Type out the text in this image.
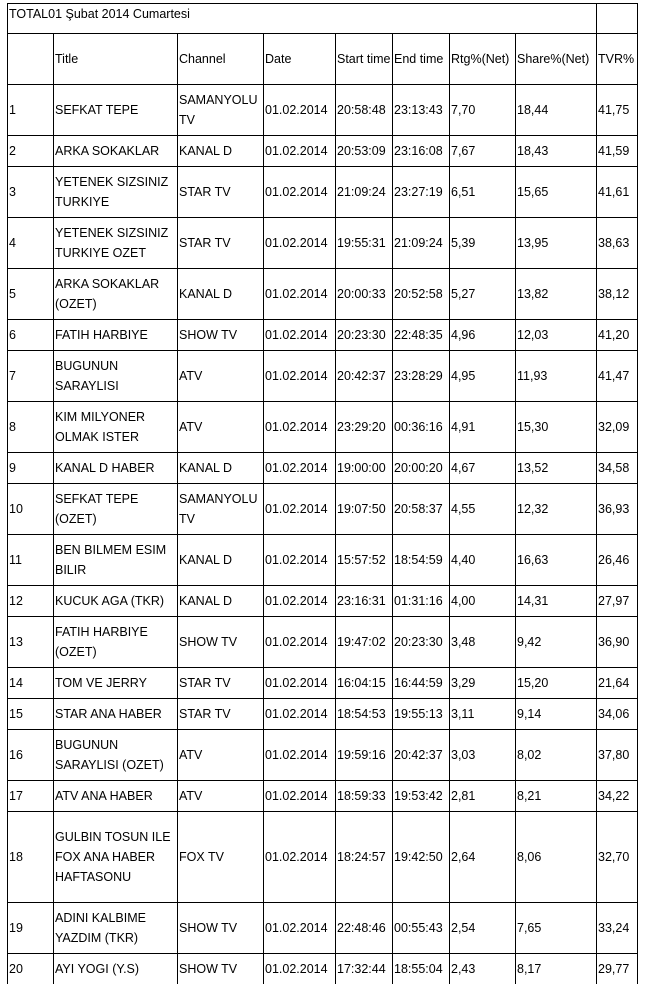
TOTAL01 Şubat 2014 Cumartesi								
	Title	Channel	Date	Start time	End time	Rtg%(Net)	Share%(Net)	TVR%
1	SEFKAT TEPE	SAMANYOLU TV	01.02.2014	20:58:48	23:13:43	7,70	18,44	41,75
2	ARKA SOKAKLAR	KANAL D	01.02.2014	20:53:09	23:16:08	7,67	18,43	41,59
3	YETENEK SIZSINIZ TURKIYE	STAR TV	01.02.2014	21:09:24	23:27:19	6,51	15,65	41,61
4	YETENEK SIZSINIZ TURKIYE OZET	STAR TV	01.02.2014	19:55:31	21:09:24	5,39	13,95	38,63
5	ARKA SOKAKLAR (OZET)	KANAL D	01.02.2014	20:00:33	20:52:58	5,27	13,82	38,12
6	FATIH HARBIYE	SHOW TV	01.02.2014	20:23:30	22:48:35	4,96	12,03	41,20
7	BUGUNUN SARAYLISI	ATV	01.02.2014	20:42:37	23:28:29	4,95	11,93	41,47
8	KIM MILYONER OLMAK ISTER	ATV	01.02.2014	23:29:20	00:36:16	4,91	15,30	32,09
9	KANAL D HABER	KANAL D	01.02.2014	19:00:00	20:00:20	4,67	13,52	34,58
10	SEFKAT TEPE (OZET)	SAMANYOLU TV	01.02.2014	19:07:50	20:58:37	4,55	12,32	36,93
11	BEN BILMEM ESIM BILIR	KANAL D	01.02.2014	15:57:52	18:54:59	4,40	16,63	26,46
12	KUCUK AGA (TKR)	KANAL D	01.02.2014	23:16:31	01:31:16	4,00	14,31	27,97
13	FATIH HARBIYE (OZET)	SHOW TV	01.02.2014	19:47:02	20:23:30	3,48	9,42	36,90
14	TOM VE JERRY	STAR TV	01.02.2014	16:04:15	16:44:59	3,29	15,20	21,64
15	STAR ANA HABER	STAR TV	01.02.2014	18:54:53	19:55:13	3,11	9,14	34,06
16	BUGUNUN SARAYLISI (OZET)	ATV	01.02.2014	19:59:16	20:42:37	3,03	8,02	37,80
17	ATV ANA HABER	ATV	01.02.2014	18:59:33	19:53:42	2,81	8,21	34,22
18	GULBIN TOSUN ILE FOX ANA HABER HAFTASONU	FOX TV	01.02.2014	18:24:57	19:42:50	2,64	8,06	32,70
19	ADINI KALBIME YAZDIM (TKR)	SHOW TV	01.02.2014	22:48:46	00:55:43	2,54	7,65	33,24
20	AYI YOGI (Y.S)	SHOW TV	01.02.2014	17:32:44	18:55:04	2,43	8,17	29,77
